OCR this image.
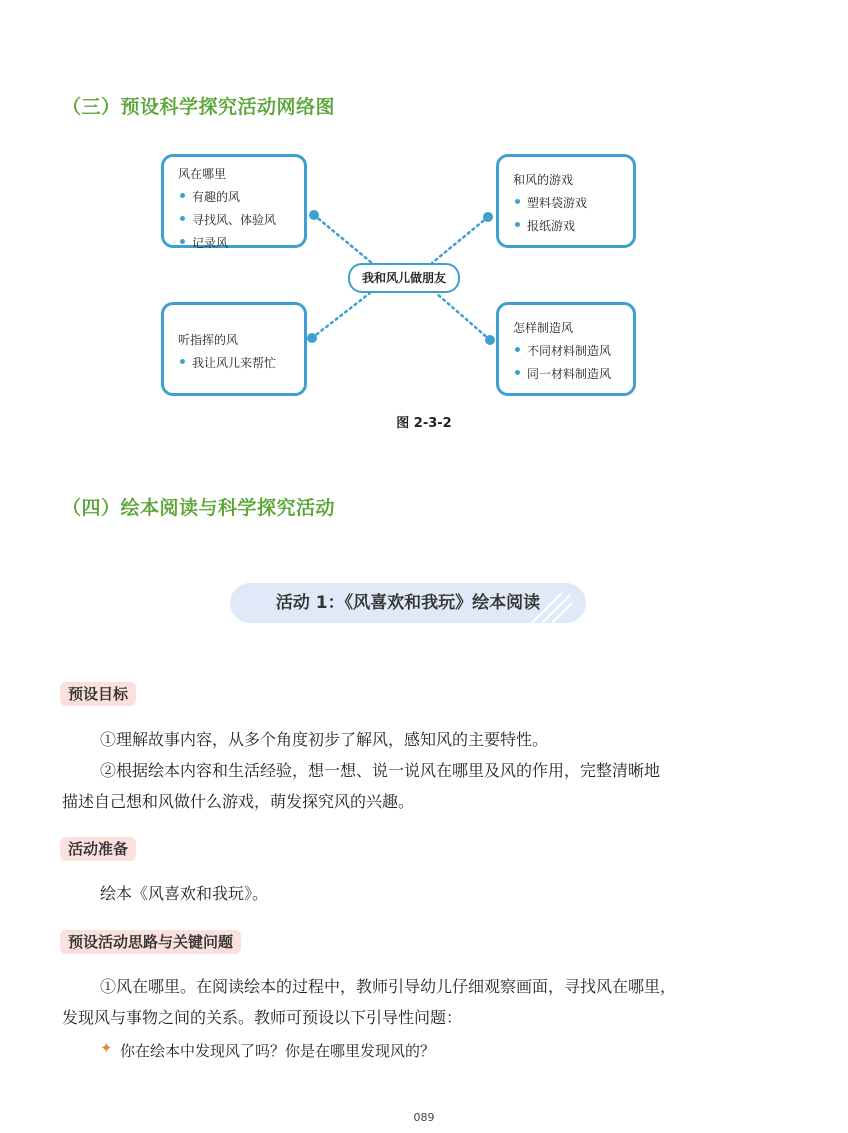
（三）预设科学探究活动网络图
风在哪里
有趣的风
寻找风、体验风
记录风
和风的游戏
塑料袋游戏
报纸游戏
我和风儿做朋友
听指挥的风
我让风儿来帮忙
怎样制造风
不同材料制造风
同一材料制造风
图 2-3-2
（四）绘本阅读与科学探究活动
活动 1：《风喜欢和我玩》绘本阅读
预设目标
①理解故事内容，从多个角度初步了解风，感知风的主要特性。
②根据绘本内容和生活经验，想一想、说一说风在哪里及风的作用，完整清晰地
描述自己想和风做什么游戏，萌发探究风的兴趣。
活动准备
绘本《风喜欢和我玩》。
预设活动思路与关键问题
①风在哪里。在阅读绘本的过程中，教师引导幼儿仔细观察画面，寻找风在哪里，
发现风与事物之间的关系。教师可预设以下引导性问题：
✦ 你在绘本中发现风了吗？你是在哪里发现风的？
089
